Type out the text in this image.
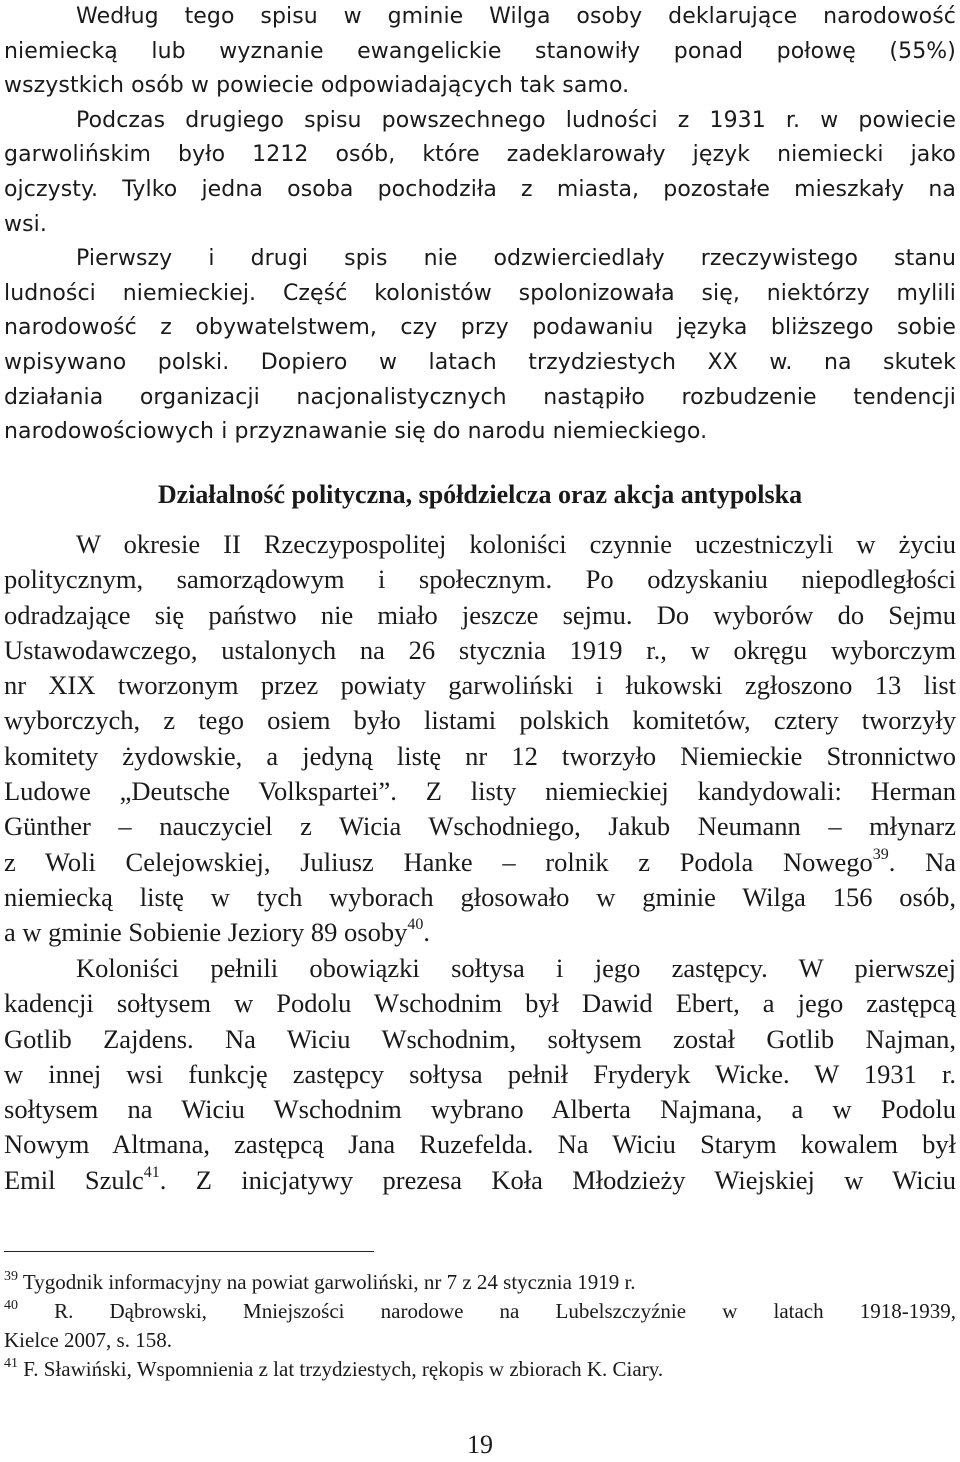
Według tego spisu w gminie Wilga osoby deklarujące narodowość
niemiecką lub wyznanie ewangelickie stanowiły ponad połowę (55%)
wszystkich osób w powiecie odpowiadających tak samo.
Podczas drugiego spisu powszechnego ludności z 1931 r. w powiecie
garwolińskim było 1212 osób, które zadeklarowały język niemiecki jako
ojczysty. Tylko jedna osoba pochodziła z miasta, pozostałe mieszkały na
wsi.
Pierwszy i drugi spis nie odzwierciedlały rzeczywistego stanu
ludności niemieckiej. Część kolonistów spolonizowała się, niektórzy mylili
narodowość z obywatelstwem, czy przy podawaniu języka bliższego sobie
wpisywano polski. Dopiero w latach trzydziestych XX w. na skutek
działania organizacji nacjonalistycznych nastąpiło rozbudzenie tendencji
narodowościowych i przyznawanie się do narodu niemieckiego.
Działalność polityczna, spółdzielcza oraz akcja antypolska
W okresie II Rzeczypospolitej koloniści czynnie uczestniczyli w życiu
politycznym, samorządowym i społecznym. Po odzyskaniu niepodległości
odradzające się państwo nie miało jeszcze sejmu. Do wyborów do Sejmu
Ustawodawczego, ustalonych na 26 stycznia 1919 r., w okręgu wyborczym
nr XIX tworzonym przez powiaty garwoliński i łukowski zgłoszono 13 list
wyborczych, z tego osiem było listami polskich komitetów, cztery tworzyły
komitety żydowskie, a jedyną listę nr 12 tworzyło Niemieckie Stronnictwo
Ludowe „Deutsche Volkspartei”. Z listy niemieckiej kandydowali: Herman
Günther – nauczyciel z Wicia Wschodniego, Jakub Neumann – młynarz
z Woli Celejowskiej, Juliusz Hanke – rolnik z Podola Nowego$^{39}$. Na
niemiecką listę w tych wyborach głosowało w gminie Wilga 156 osób,
a w gminie Sobienie Jeziory 89 osoby$^{40}$.
Koloniści pełnili obowiązki sołtysa i jego zastępcy. W pierwszej
kadencji sołtysem w Podolu Wschodnim był Dawid Ebert, a jego zastępcą
Gotlib Zajdens. Na Wiciu Wschodnim, sołtysem został Gotlib Najman,
w innej wsi funkcję zastępcy sołtysa pełnił Fryderyk Wicke. W 1931 r.
sołtysem na Wiciu Wschodnim wybrano Alberta Najmana, a w Podolu
Nowym Altmana, zastępcą Jana Ruzefelda. Na Wiciu Starym kowalem był
Emil Szulc$^{41}$. Z inicjatywy prezesa Koła Młodzieży Wiejskiej w Wiciu
$^{39}$ Tygodnik informacyjny na powiat garwoliński, nr 7 z 24 stycznia 1919 r.
$^{40}$ R. Dąbrowski, Mniejszości narodowe na Lubelszczyźnie w latach 1918-1939,
Kielce 2007, s. 158.
$^{41}$ F. Sławiński, Wspomnienia z lat trzydziestych, rękopis w zbiorach K. Ciary.
19
